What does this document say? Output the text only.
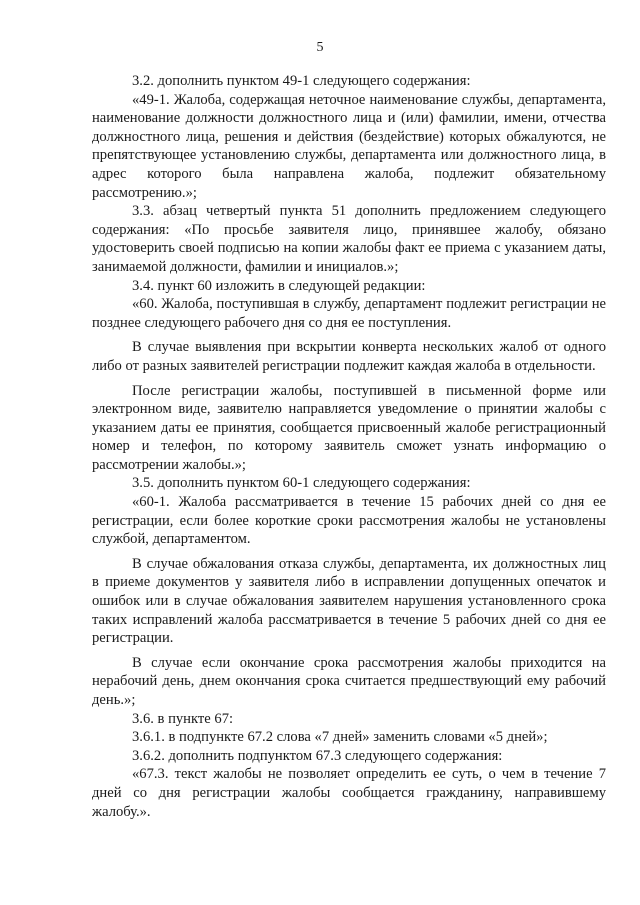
5

3.2. дополнить пунктом 49-1 следующего содержания:

«49-1. Жалоба, содержащая неточное наименование службы, департамента, наименование должности должностного лица и (или) фамилии, имени, отчества должностного лица, решения и действия (бездействие) которых обжалуются, не препятствующее установлению службы, департамента или должностного лица, в адрес которого была направлена жалоба, подлежит обязательному рассмотрению.»;

3.3. абзац четвертый пункта 51 дополнить предложением следующего содержания: «По просьбе заявителя лицо, принявшее жалобу, обязано удостоверить своей подписью на копии жалобы факт ее приема с указанием даты, занимаемой должности, фамилии и инициалов.»;

3.4. пункт 60 изложить в следующей редакции:

«60. Жалоба, поступившая в службу, департамент подлежит регистрации не позднее следующего рабочего дня со дня ее поступления.

В случае выявления при вскрытии конверта нескольких жалоб от одного либо от разных заявителей регистрации подлежит каждая жалоба в отдельности.

После регистрации жалобы, поступившей в письменной форме или электронном виде, заявителю направляется уведомление о принятии жалобы с указанием даты ее принятия, сообщается присвоенный жалобе регистрационный номер и телефон, по которому заявитель сможет узнать информацию о рассмотрении жалобы.»;

3.5. дополнить пунктом 60-1 следующего содержания:

«60-1. Жалоба рассматривается в течение 15 рабочих дней со дня ее регистрации, если более короткие сроки рассмотрения жалобы не установлены службой, департаментом.

В случае обжалования отказа службы, департамента, их должностных лиц в приеме документов у заявителя либо в исправлении допущенных опечаток и ошибок или в случае обжалования заявителем нарушения установленного срока таких исправлений жалоба рассматривается в течение 5 рабочих дней со дня ее регистрации.

В случае если окончание срока рассмотрения жалобы приходится на нерабочий день, днем окончания срока считается предшествующий ему рабочий день.»;

3.6. в пункте 67:

3.6.1. в подпункте 67.2 слова «7 дней» заменить словами «5 дней»;

3.6.2. дополнить подпунктом 67.3 следующего содержания:

«67.3. текст жалобы не позволяет определить ее суть, о чем в течение 7 дней со дня регистрации жалобы сообщается гражданину, направившему жалобу.».
